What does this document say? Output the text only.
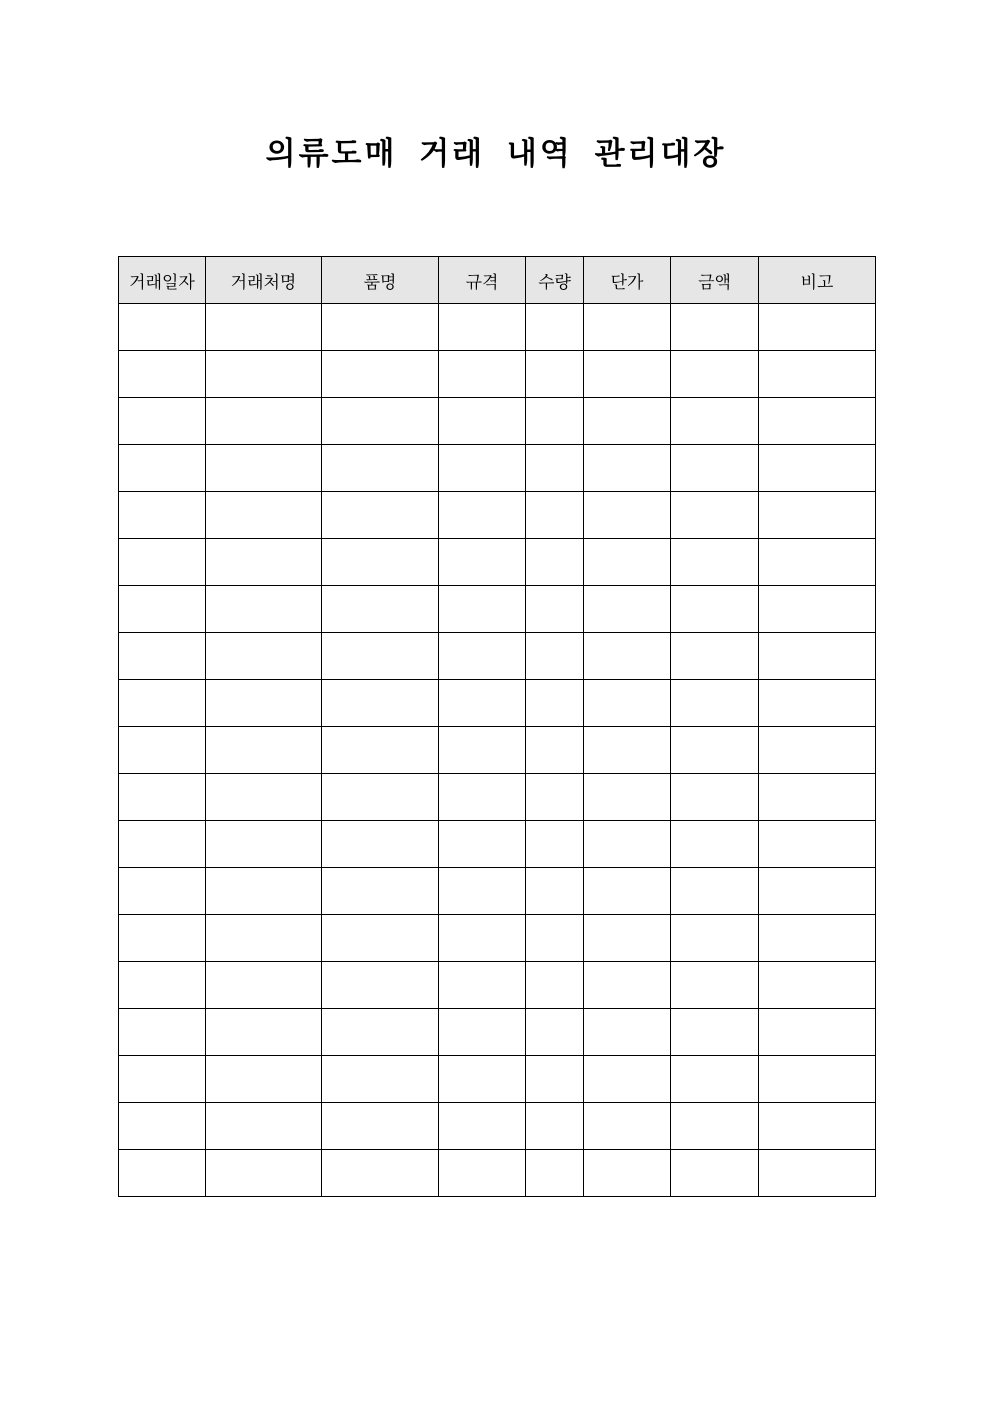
의류도매 거래 내역 관리대장
거래일자	거래처명	품명	규격	수량	단가	금액	비고
